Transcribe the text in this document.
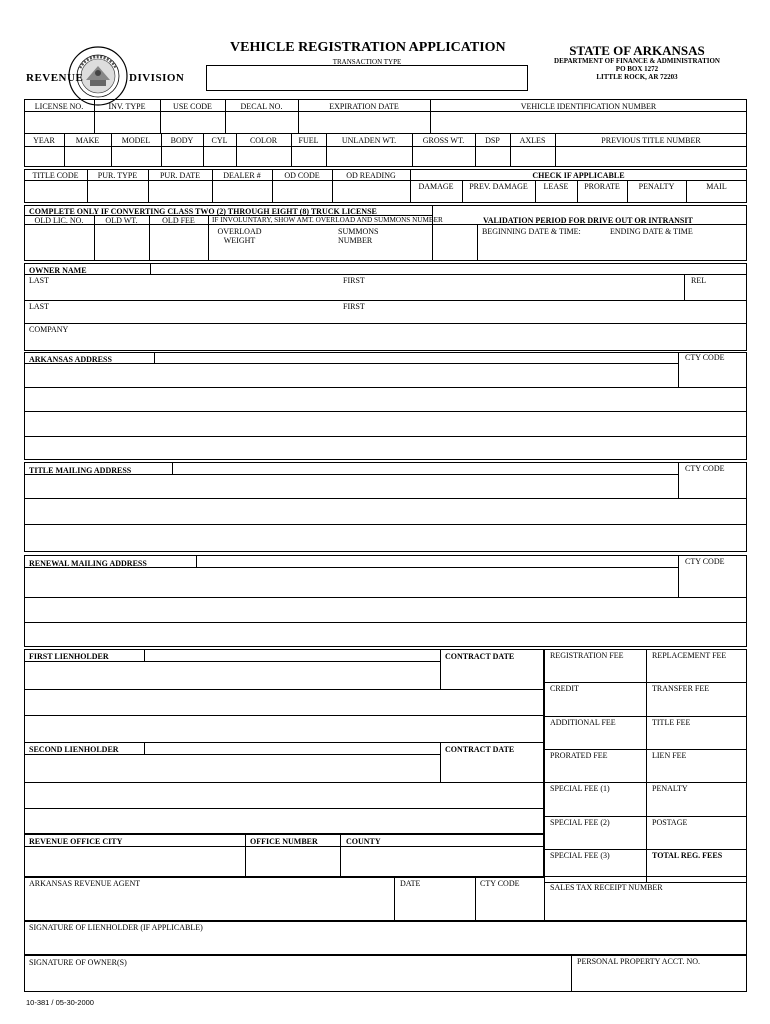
REVENUE	DIVISION
VEHICLE REGISTRATION APPLICATION
TRANSACTION TYPE
STATE OF ARKANSAS
DEPARTMENT OF FINANCE & ADMINISTRATION
PO BOX 1272
LITTLE ROCK, AR 72203
LICENSE NO.	INV. TYPE	USE CODE	DECAL NO.	EXPIRATION DATE	VEHICLE IDENTIFICATION NUMBER
YEAR	MAKE	MODEL	BODY	CYL	COLOR	FUEL	UNLADEN WT.	GROSS WT.	DSP	AXLES	PREVIOUS TITLE NUMBER
TITLE CODE	PUR. TYPE	PUR. DATE	DEALER #	OD CODE	OD READING	CHECK IF APPLICABLE
DAMAGE	PREV. DAMAGE	LEASE	PRORATE	PENALTY	MAIL
COMPLETE ONLY IF CONVERTING CLASS TWO (2) THROUGH EIGHT (8) TRUCK LICENSE
OLD LIC. NO.	OLD WT.	OLD FEE	IF INVOLUNTARY, SHOW AMT. OVERLOAD AND SUMMONS NUMBER
OVERLOAD
WEIGHT
SUMMONS
NUMBER
VALIDATION PERIOD FOR DRIVE OUT OR INTRANSIT
BEGINNING DATE & TIME:	ENDING DATE & TIME
OWNER NAME
LAST	FIRST	REL
LAST	FIRST
COMPANY
ARKANSAS ADDRESS	CTY CODE
TITLE MAILING ADDRESS	CTY CODE
RENEWAL MAILING ADDRESS	CTY CODE
FIRST LIENHOLDER	CONTRACT DATE
SECOND LIENHOLDER	CONTRACT DATE
REGISTRATION FEE	REPLACEMENT FEE
CREDIT	TRANSFER FEE
ADDITIONAL FEE	TITLE FEE
PRORATED FEE	LIEN FEE
SPECIAL FEE (1)	PENALTY
SPECIAL FEE (2)	POSTAGE
SPECIAL FEE (3)	TOTAL REG. FEES
REVENUE OFFICE CITY	OFFICE NUMBER	COUNTY
ARKANSAS REVENUE AGENT	DATE	CTY CODE	SALES TAX RECEIPT NUMBER
SIGNATURE OF LIENHOLDER (IF APPLICABLE)
SIGNATURE OF OWNER(S)	PERSONAL PROPERTY ACCT. NO.
10-381 / 05-30-2000
